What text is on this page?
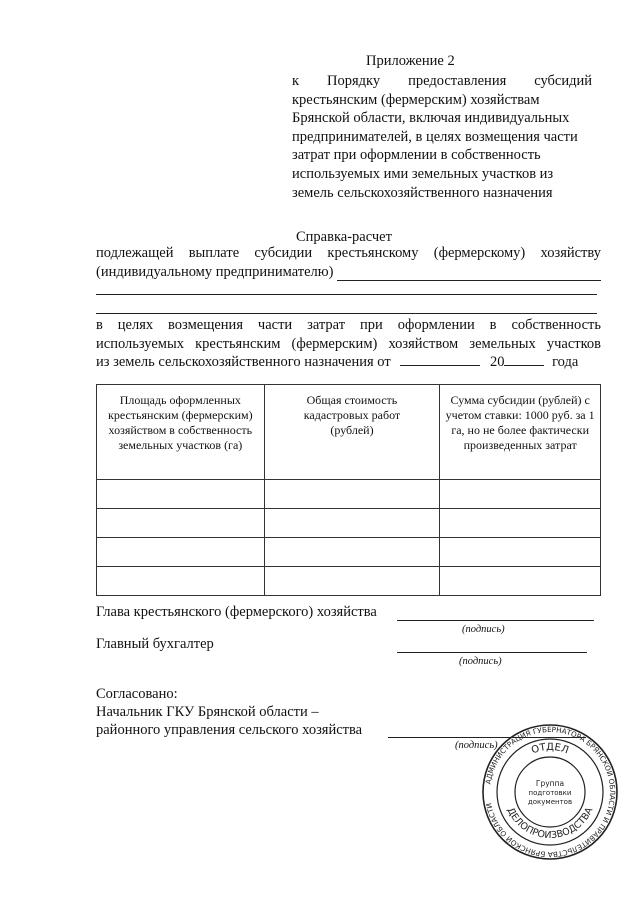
Приложение 2
к Порядку предоставления субсидий
крестьянским (фермерским) хозяйствам
Брянской области, включая индивидуальных
предпринимателей, в целях возмещения части
затрат при оформлении в собственность
используемых ими земельных участков из
земель сельскохозяйственного назначения
Справка-расчет
подлежащей выплате субсидии крестьянскому (фермерскому) хозяйству
(индивидуальному предпринимателю)
в целях возмещения части затрат при оформлении в собственность
используемых крестьянским (фермерским) хозяйством земельных участков
из земель сельскохозяйственного назначения от	20	года
Площадь оформленных крестьянским (фермерским) хозяйством в собственность земельных участков (га)	Общая стоимость кадастровых работ (рублей)	Сумма субсидии (рублей) с учетом ставки: 1000 руб. за 1 га, но не более фактически произведенных затрат

Глава крестьянского (фермерского) хозяйства
(подпись)
Главный бухгалтер
(подпись)
Согласовано:
Начальник ГКУ Брянской области –
районного управления сельского хозяйства
(подпись)
АДМИНИСТРАЦИЯ ГУБЕРНАТОРА БРЯНСКОЙ ОБЛАСТИ И ПРАВИТЕЛЬСТВА БРЯНСКОЙ ОБЛАСТИ
ОТДЕЛ
ДЕЛОПРОИЗВОДСТВА
Группа
подготовки
документов
